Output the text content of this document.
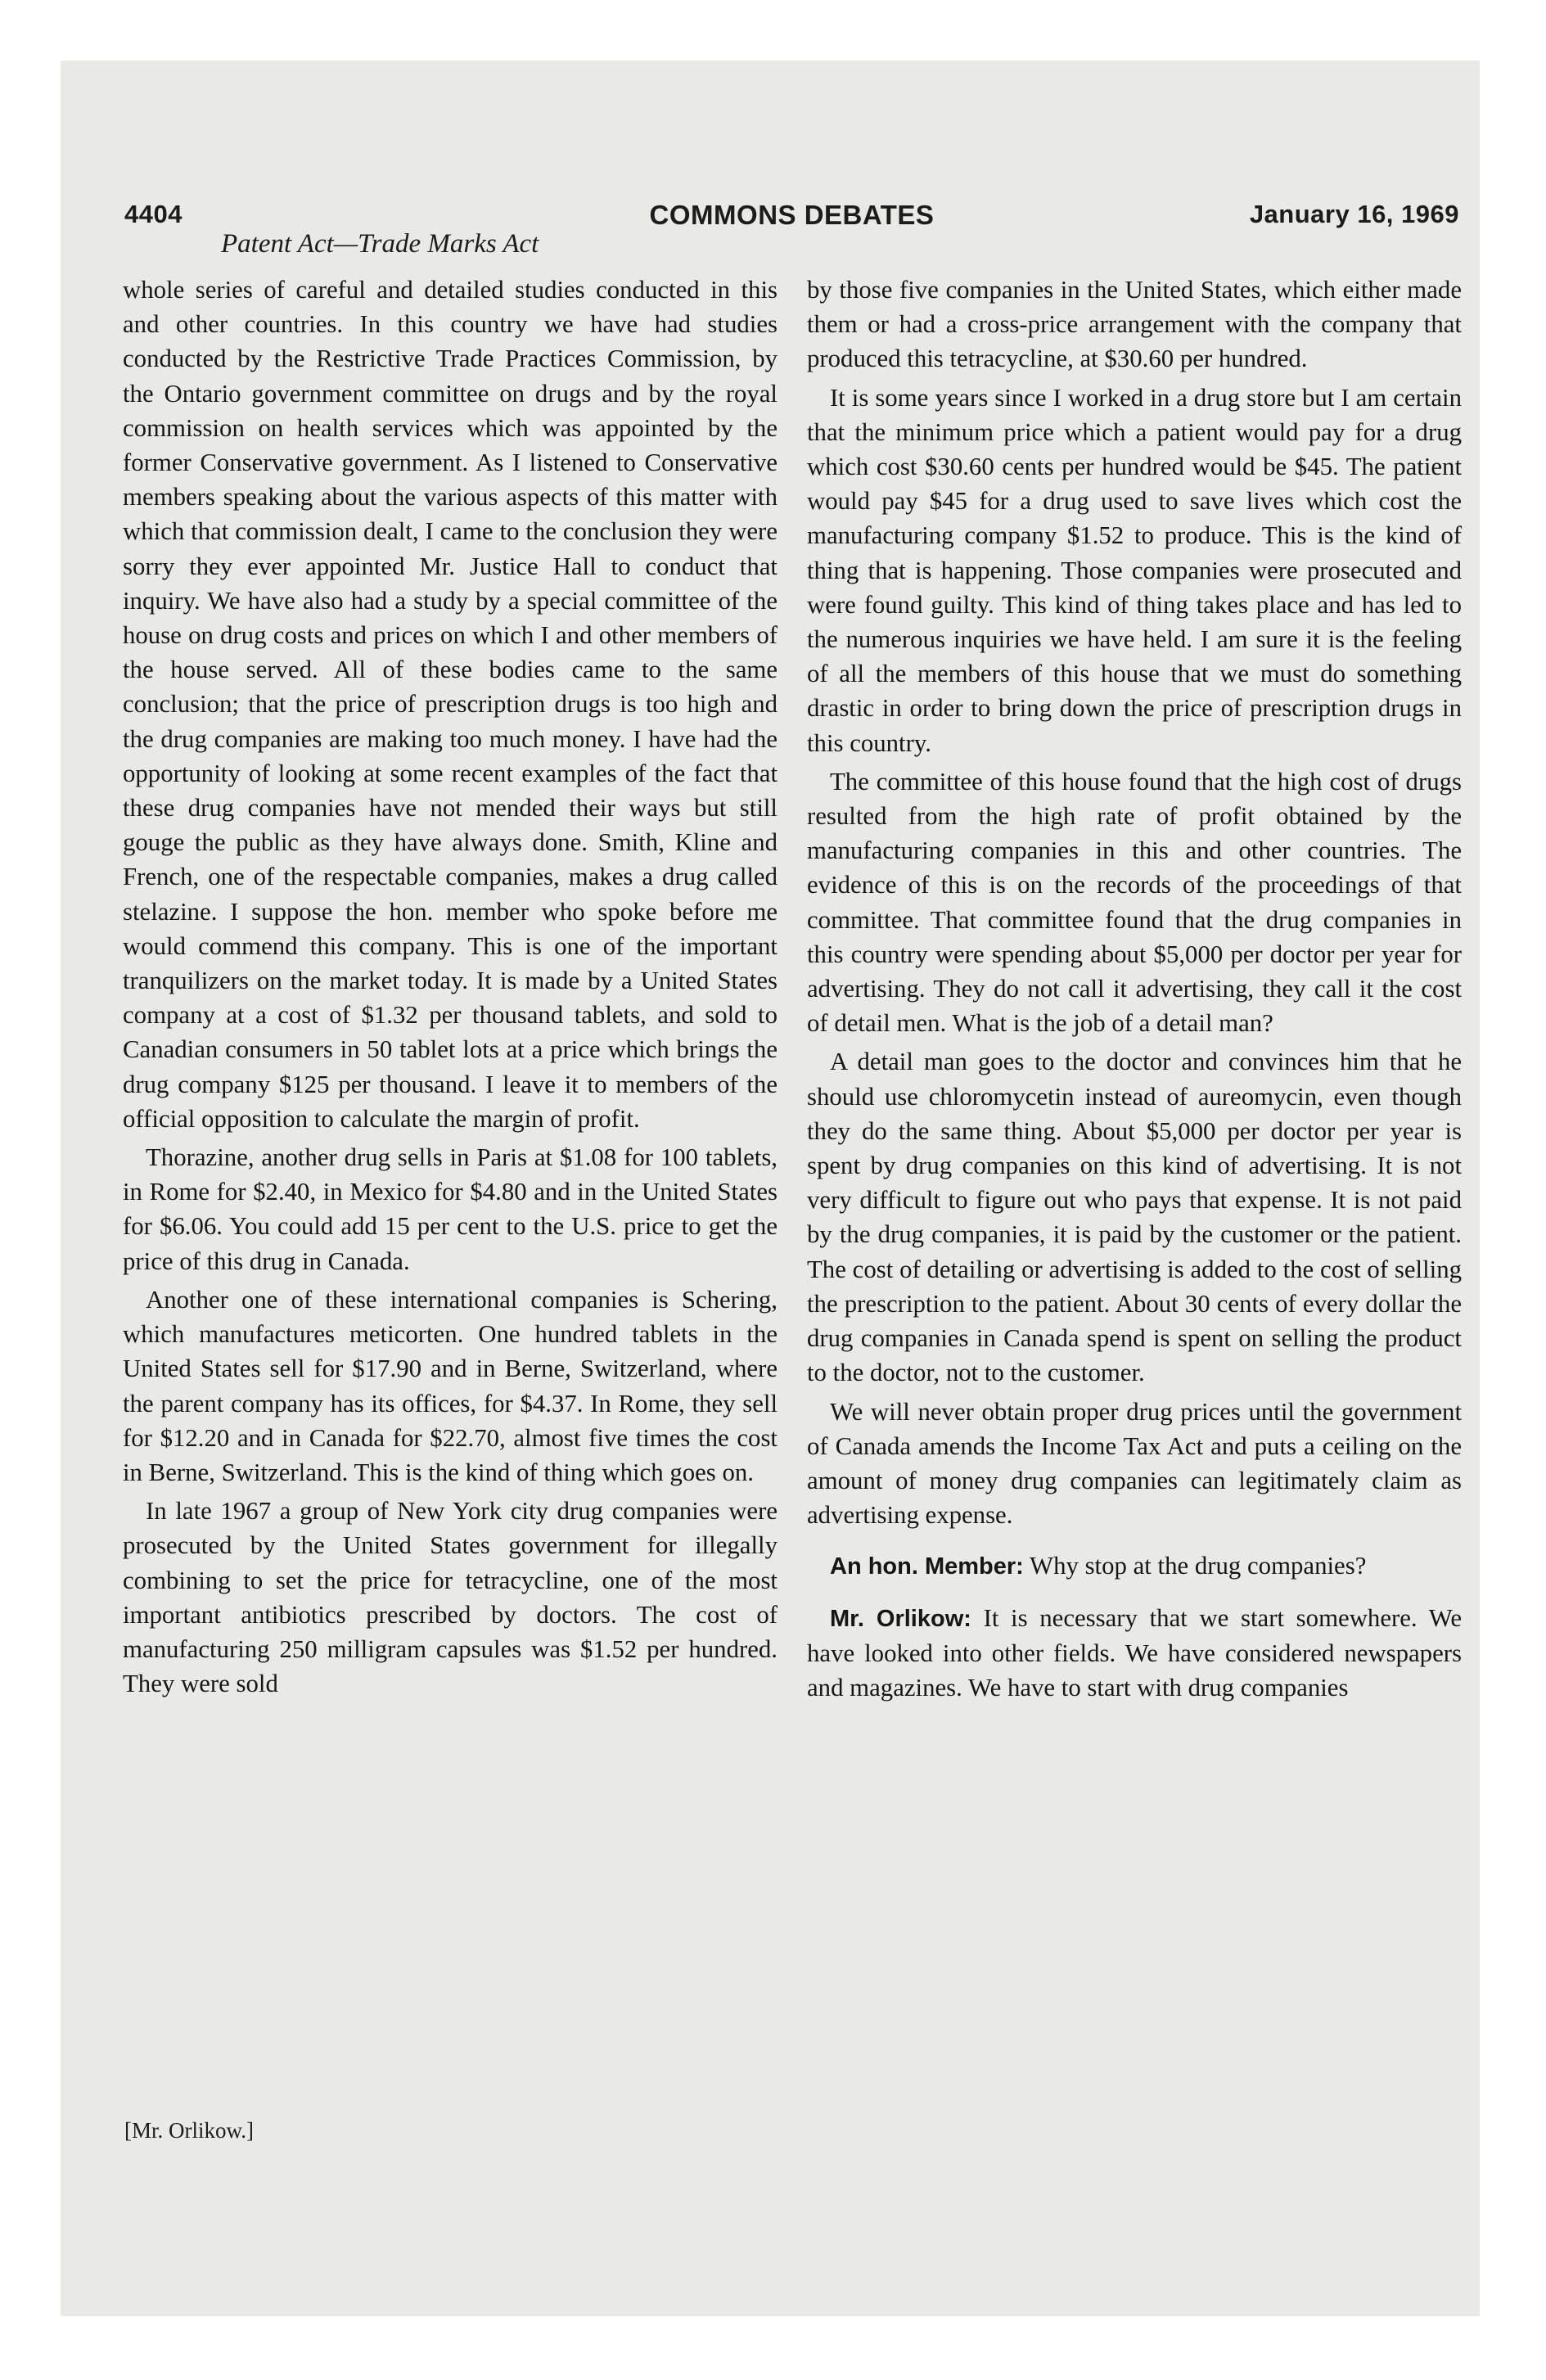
4404	COMMONS DEBATES	January 16, 1969
Patent Act—Trade Marks Act

whole series of careful and detailed studies conducted in this and other countries. In this country we have had studies conducted by the Restrictive Trade Practices Commission, by the Ontario government committee on drugs and by the royal commission on health services which was appointed by the former Conservative government. As I listened to Conservative members speaking about the various aspects of this matter with which that commission dealt, I came to the conclusion they were sorry they ever appointed Mr. Justice Hall to conduct that inquiry. We have also had a study by a special committee of the house on drug costs and prices on which I and other members of the house served. All of these bodies came to the same conclusion; that the price of prescription drugs is too high and the drug companies are making too much money. I have had the opportunity of looking at some recent examples of the fact that these drug companies have not mended their ways but still gouge the public as they have always done. Smith, Kline and French, one of the respectable companies, makes a drug called stelazine. I suppose the hon. member who spoke before me would commend this company. This is one of the important tranquilizers on the market today. It is made by a United States company at a cost of $1.32 per thousand tablets, and sold to Canadian consumers in 50 tablet lots at a price which brings the drug company $125 per thousand. I leave it to members of the official opposition to calculate the margin of profit.

Thorazine, another drug sells in Paris at $1.08 for 100 tablets, in Rome for $2.40, in Mexico for $4.80 and in the United States for $6.06. You could add 15 per cent to the U.S. price to get the price of this drug in Canada.

Another one of these international companies is Schering, which manufactures meticorten. One hundred tablets in the United States sell for $17.90 and in Berne, Switzerland, where the parent company has its offices, for $4.37. In Rome, they sell for $12.20 and in Canada for $22.70, almost five times the cost in Berne, Switzerland. This is the kind of thing which goes on.

In late 1967 a group of New York city drug companies were prosecuted by the United States government for illegally combining to set the price for tetracycline, one of the most important antibiotics prescribed by doctors. The cost of manufacturing 250 milligram capsules was $1.52 per hundred. They were sold

by those five companies in the United States, which either made them or had a cross-price arrangement with the company that produced this tetracycline, at $30.60 per hundred.

It is some years since I worked in a drug store but I am certain that the minimum price which a patient would pay for a drug which cost $30.60 cents per hundred would be $45. The patient would pay $45 for a drug used to save lives which cost the manufacturing company $1.52 to produce. This is the kind of thing that is happening. Those companies were prosecuted and were found guilty. This kind of thing takes place and has led to the numerous inquiries we have held. I am sure it is the feeling of all the members of this house that we must do something drastic in order to bring down the price of prescription drugs in this country.

The committee of this house found that the high cost of drugs resulted from the high rate of profit obtained by the manufacturing companies in this and other countries. The evidence of this is on the records of the proceedings of that committee. That committee found that the drug companies in this country were spending about $5,000 per doctor per year for advertising. They do not call it advertising, they call it the cost of detail men. What is the job of a detail man?

A detail man goes to the doctor and convinces him that he should use chloromycetin instead of aureomycin, even though they do the same thing. About $5,000 per doctor per year is spent by drug companies on this kind of advertising. It is not very difficult to figure out who pays that expense. It is not paid by the drug companies, it is paid by the customer or the patient. The cost of detailing or advertising is added to the cost of selling the prescription to the patient. About 30 cents of every dollar the drug companies in Canada spend is spent on selling the product to the doctor, not to the customer.

We will never obtain proper drug prices until the government of Canada amends the Income Tax Act and puts a ceiling on the amount of money drug companies can legitimately claim as advertising expense.

An hon. Member: Why stop at the drug companies?

Mr. Orlikow: It is necessary that we start somewhere. We have looked into other fields. We have considered newspapers and magazines. We have to start with drug companies

[Mr. Orlikow.]
